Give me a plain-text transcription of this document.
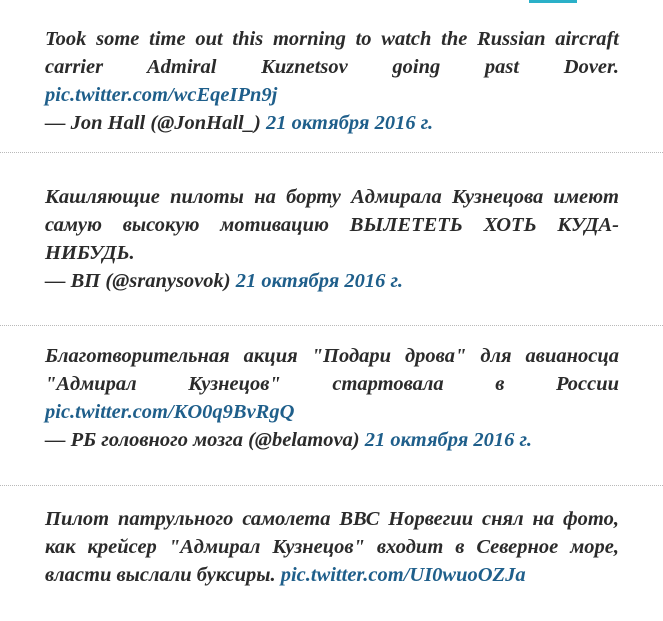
Took some time out this morning to watch the Russian aircraft carrier Admiral Kuznetsov going past Dover. pic.twitter.com/wcEqeIPn9j
— Jon Hall (@JonHall_) 21 октября 2016 г.
Кашляющие пилоты на борту Адмирала Кузнецова имеют самую высокую мотивацию ВЫЛЕТЕТЬ ХОТЬ КУДА-НИБУДЬ.
— ВП (@sranysovok) 21 октября 2016 г.
Благотворительная акция "Подари дрова" для авианосца "Адмирал Кузнецов" стартовала в России pic.twitter.com/KO0q9BvRgQ
— РБ головного мозга (@belamova) 21 октября 2016 г.
Пилот патрульного самолета ВВС Норвегии снял на фото, как крейсер "Адмирал Кузнецов" входит в Северное море, власти выслали буксиры. pic.twitter.com/UI0wuoOZJa
